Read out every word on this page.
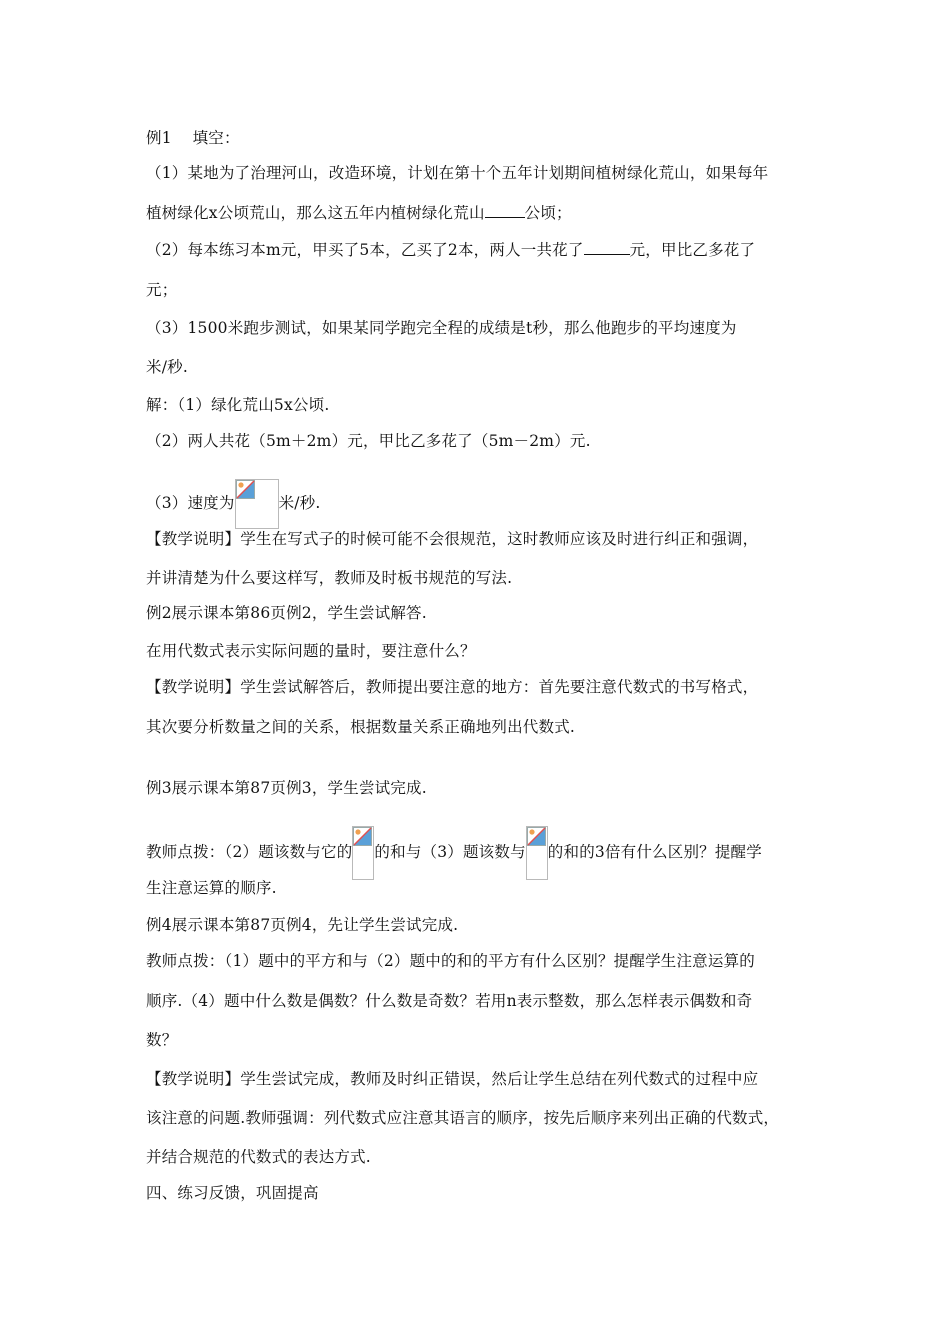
例1　 填空：
（1）某地为了治理河山，改造环境，计划在第十个五年计划期间植树绿化荒山，如果每年
植树绿化x公顷荒山，那么这五年内植树绿化荒山	公顷；
（2）每本练习本m元，甲买了5本，乙买了2本，两人一共花了	元，甲比乙多花了
元；
（3）1500米跑步测试，如果某同学跑完全程的成绩是t秒，那么他跑步的平均速度为
米/秒.
解：（1）绿化荒山5x公顷.
（2）两人共花（5m＋2m）元，甲比乙多花了（5m－2m）元.
（3）速度为	米/秒.
【教学说明】学生在写式子的时候可能不会很规范，这时教师应该及时进行纠正和强调，
并讲清楚为什么要这样写，教师及时板书规范的写法.
例2展示课本第86页例2，学生尝试解答.
在用代数式表示实际问题的量时，要注意什么？
【教学说明】学生尝试解答后，教师提出要注意的地方：首先要注意代数式的书写格式，
其次要分析数量之间的关系，根据数量关系正确地列出代数式.
例3展示课本第87页例3，学生尝试完成.
教师点拨：（2）题该数与它的 的和与（3）题该数与 的和的3倍有什么区别？提醒学
生注意运算的顺序.
例4展示课本第87页例4，先让学生尝试完成.
教师点拨：（1）题中的平方和与（2）题中的和的平方有什么区别？提醒学生注意运算的
顺序.（4）题中什么数是偶数？什么数是奇数？若用n表示整数，那么怎样表示偶数和奇
数？
【教学说明】学生尝试完成，教师及时纠正错误，然后让学生总结在列代数式的过程中应
该注意的问题.教师强调：列代数式应注意其语言的顺序，按先后顺序来列出正确的代数式，
并结合规范的代数式的表达方式.
四、练习反馈，巩固提高
